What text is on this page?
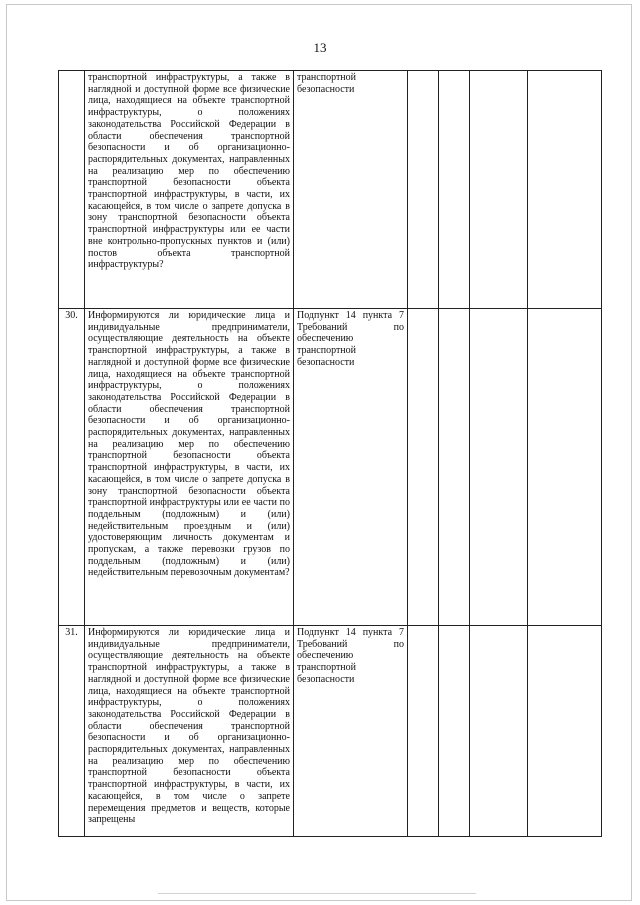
13
	транспортной инфраструктуры, а также в наглядной и доступной форме все физические лица, находящиеся на объекте транспортной инфраструктуры, о положениях законодательства Российской Федерации в области обеспечения транспортной безопасности и об организационно-распорядительных документах, направленных на реализацию мер по обеспечению транспортной безопасности объекта транспортной инфраструктуры, в части, их касающейся, в том числе о запрете допуска в зону транспортной безопасности объекта транспортной инфраструктуры или ее части вне контрольно-пропускных пунктов и (или) постов объекта транспортной инфраструктуры?	транспортной безопасности				
30.	Информируются ли юридические лица и индивидуальные предприниматели, осуществляющие деятельность на объекте транспортной инфраструктуры, а также в наглядной и доступной форме все физические лица, находящиеся на объекте транспортной инфраструктуры, о положениях законодательства Российской Федерации в области обеспечения транспортной безопасности и об организационно-распорядительных документах, направленных на реализацию мер по обеспечению транспортной безопасности объекта транспортной инфраструктуры, в части, их касающейся, в том числе о запрете допуска в зону транспортной безопасности объекта транспортной инфраструктуры или ее части по поддельным (подложным) и (или) недействительным проездным и (или) удостоверяющим личность документам и пропускам, а также перевозки грузов по поддельным (подложным) и (или) недействительным перевозочным документам?	Подпункт 14 пункта 7 Требований по обеспечению транспортной безопасности				
31.	Информируются ли юридические лица и индивидуальные предприниматели, осуществляющие деятельность на объекте транспортной инфраструктуры, а также в наглядной и доступной форме все физические лица, находящиеся на объекте транспортной инфраструктуры, о положениях законодательства Российской Федерации в области обеспечения транспортной безопасности и об организационно-распорядительных документах, направленных на реализацию мер по обеспечению транспортной безопасности объекта транспортной инфраструктуры, в части, их касающейся, в том числе о запрете перемещения предметов и веществ, которые запрещены	Подпункт 14 пункта 7 Требований по обеспечению транспортной безопасности				
